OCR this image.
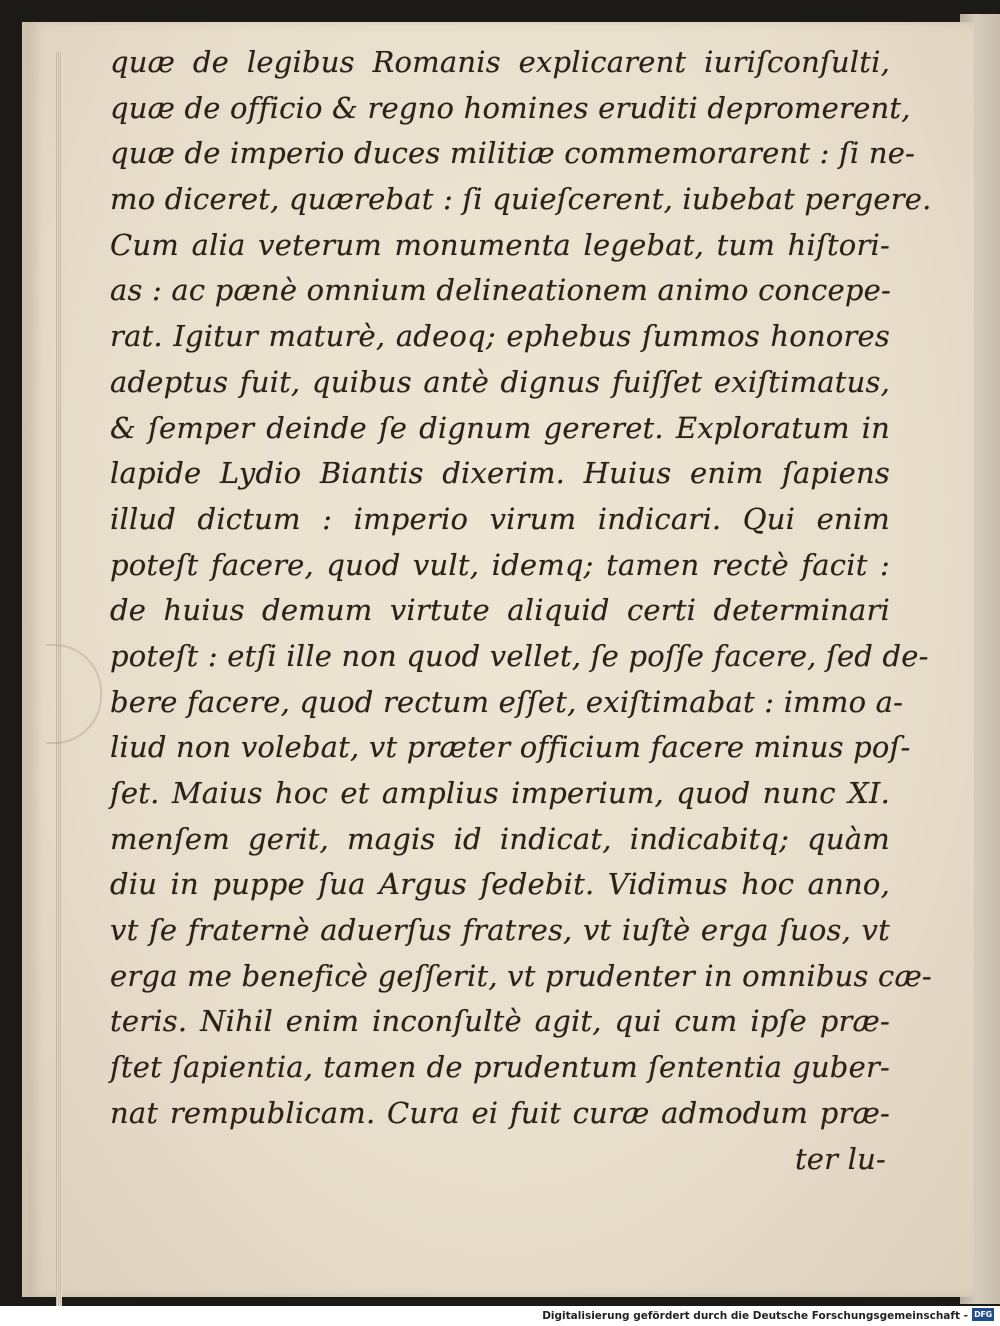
quæ de legibus Romanis explicarent iuriſconſulti,
quæ de officio & regno homines eruditi depromerent,
quæ de imperio duces militiæ commemorarent : ſi ne-
mo diceret, quærebat : ſi quieſcerent, iubebat pergere.
Cum alia veterum monumenta legebat, tum hiſtori-
as : ac pænè omnium delineationem animo concepe-
rat. Igitur maturè, adeoq; ephebus ſummos honores
adeptus fuit, quibus antè dignus fuiſſet exiſtimatus,
& ſemper deinde ſe dignum gereret. Exploratum in
lapide Lydio Biantis dixerim. Huius enim ſapiens
illud dictum : imperio virum indicari. Qui enim
poteſt facere, quod vult, idemq; tamen rectè facit :
de huius demum virtute aliquid certi determinari
poteſt : etſi ille non quod vellet, ſe poſſe facere, ſed de-
bere facere, quod rectum eſſet, exiſtimabat : immo a-
liud non volebat, vt præter officium facere minus poſ-
ſet. Maius hoc et amplius imperium, quod nunc XI.
menſem gerit, magis id indicat, indicabitq; quàm
diu in puppe ſua Argus ſedebit. Vidimus hoc anno,
vt ſe fraternè aduerſus fratres, vt iuſtè erga ſuos, vt
erga me beneficè geſſerit, vt prudenter in omnibus cæ-
teris. Nihil enim inconſultè agit, qui cum ipſe præ-
ſtet ſapientia, tamen de prudentum ſententia guber-
nat rempublicam. Cura ei fuit curæ admodum præ-
ter lu-
Digitalisierung gefördert durch die Deutsche Forschungsgemeinschaft - DFG
